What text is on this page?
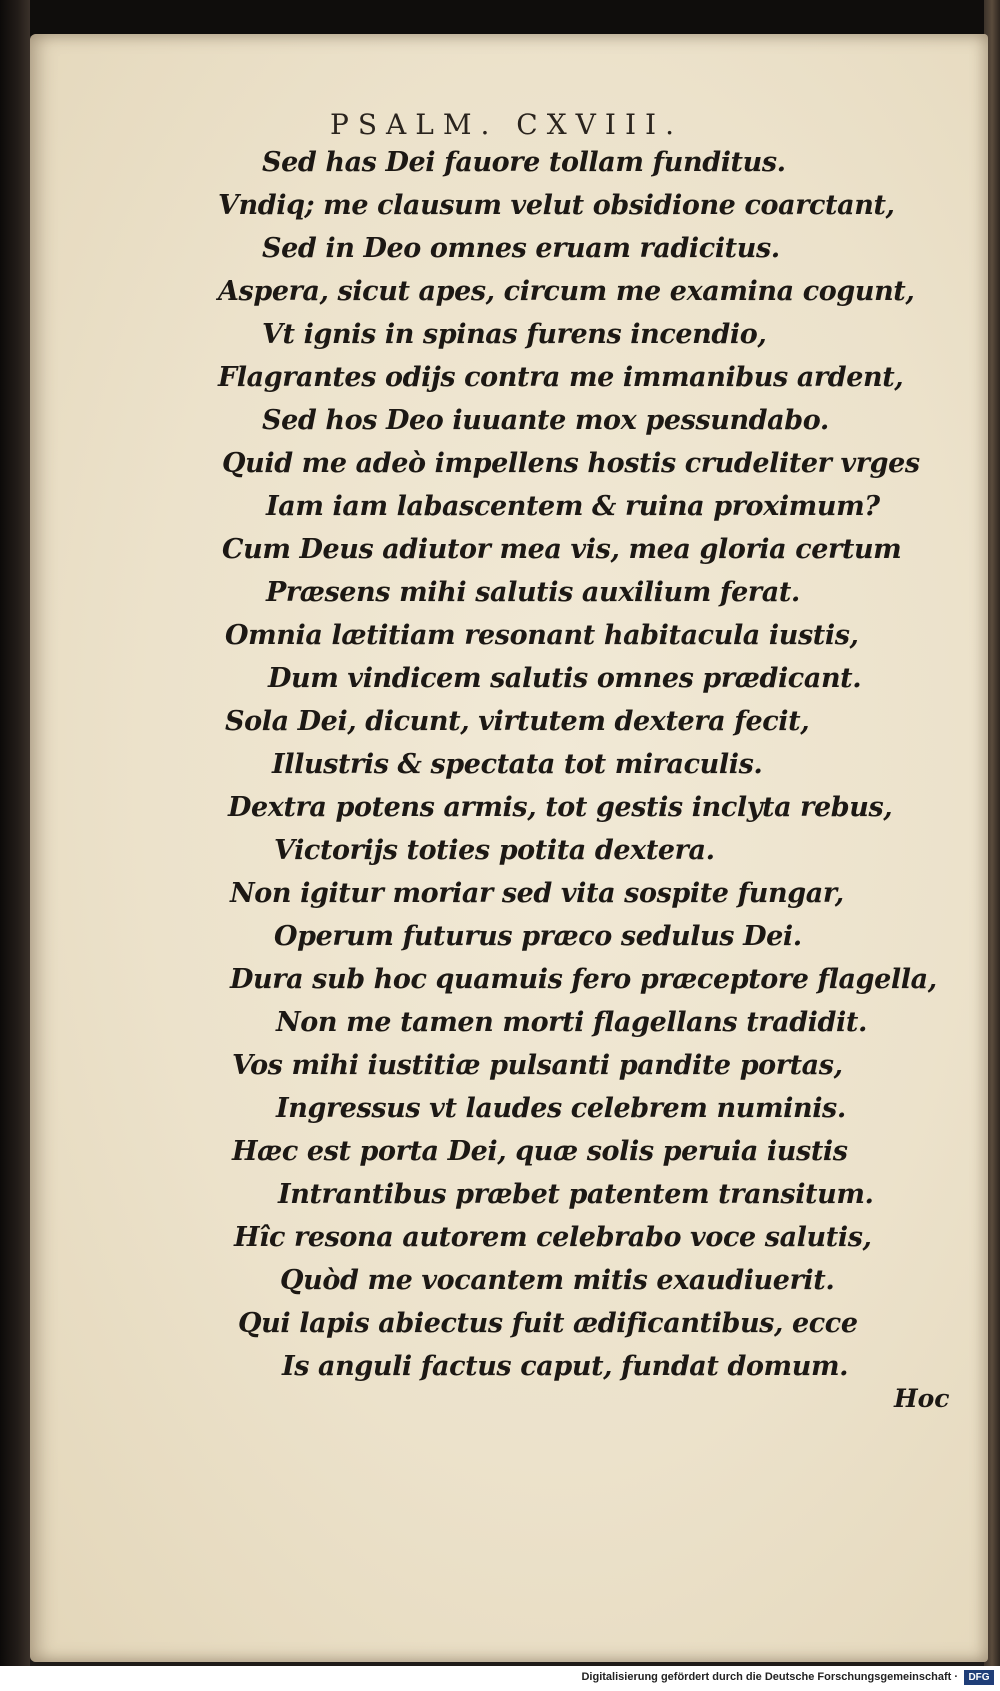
PSALM. CXVIII.
Sed has Dei fauore tollam funditus.
Vndiq; me clausum velut obsidione coarctant,
Sed in Deo omnes eruam radicitus.
Aspera, sicut apes, circum me examina cogunt,
Vt ignis in spinas furens incendio,
Flagrantes odijs contra me immanibus ardent,
Sed hos Deo iuuante mox pessundabo.
Quid me adeò impellens hostis crudeliter vrges
Iam iam labascentem & ruina proximum?
Cum Deus adiutor mea vis, mea gloria certum
Præsens mihi salutis auxilium ferat.
Omnia lætitiam resonant habitacula iustis,
Dum vindicem salutis omnes prædicant.
Sola Dei, dicunt, virtutem dextera fecit,
Illustris & spectata tot miraculis.
Dextra potens armis, tot gestis inclyta rebus,
Victorijs toties potita dextera.
Non igitur moriar sed vita sospite fungar,
Operum futurus præco sedulus Dei.
Dura sub hoc quamuis fero præceptore flagella,
Non me tamen morti flagellans tradidit.
Vos mihi iustitiæ pulsanti pandite portas,
Ingressus vt laudes celebrem numinis.
Hæc est porta Dei, quæ solis peruia iustis
Intrantibus præbet patentem transitum.
Hîc resona autorem celebrabo voce salutis,
Quòd me vocantem mitis exaudiuerit.
Qui lapis abiectus fuit ædificantibus, ecce
Is anguli factus caput, fundat domum.
Hoc
Digitalisierung gefördert durch die Deutsche Forschungsgemeinschaft ·	DFG
